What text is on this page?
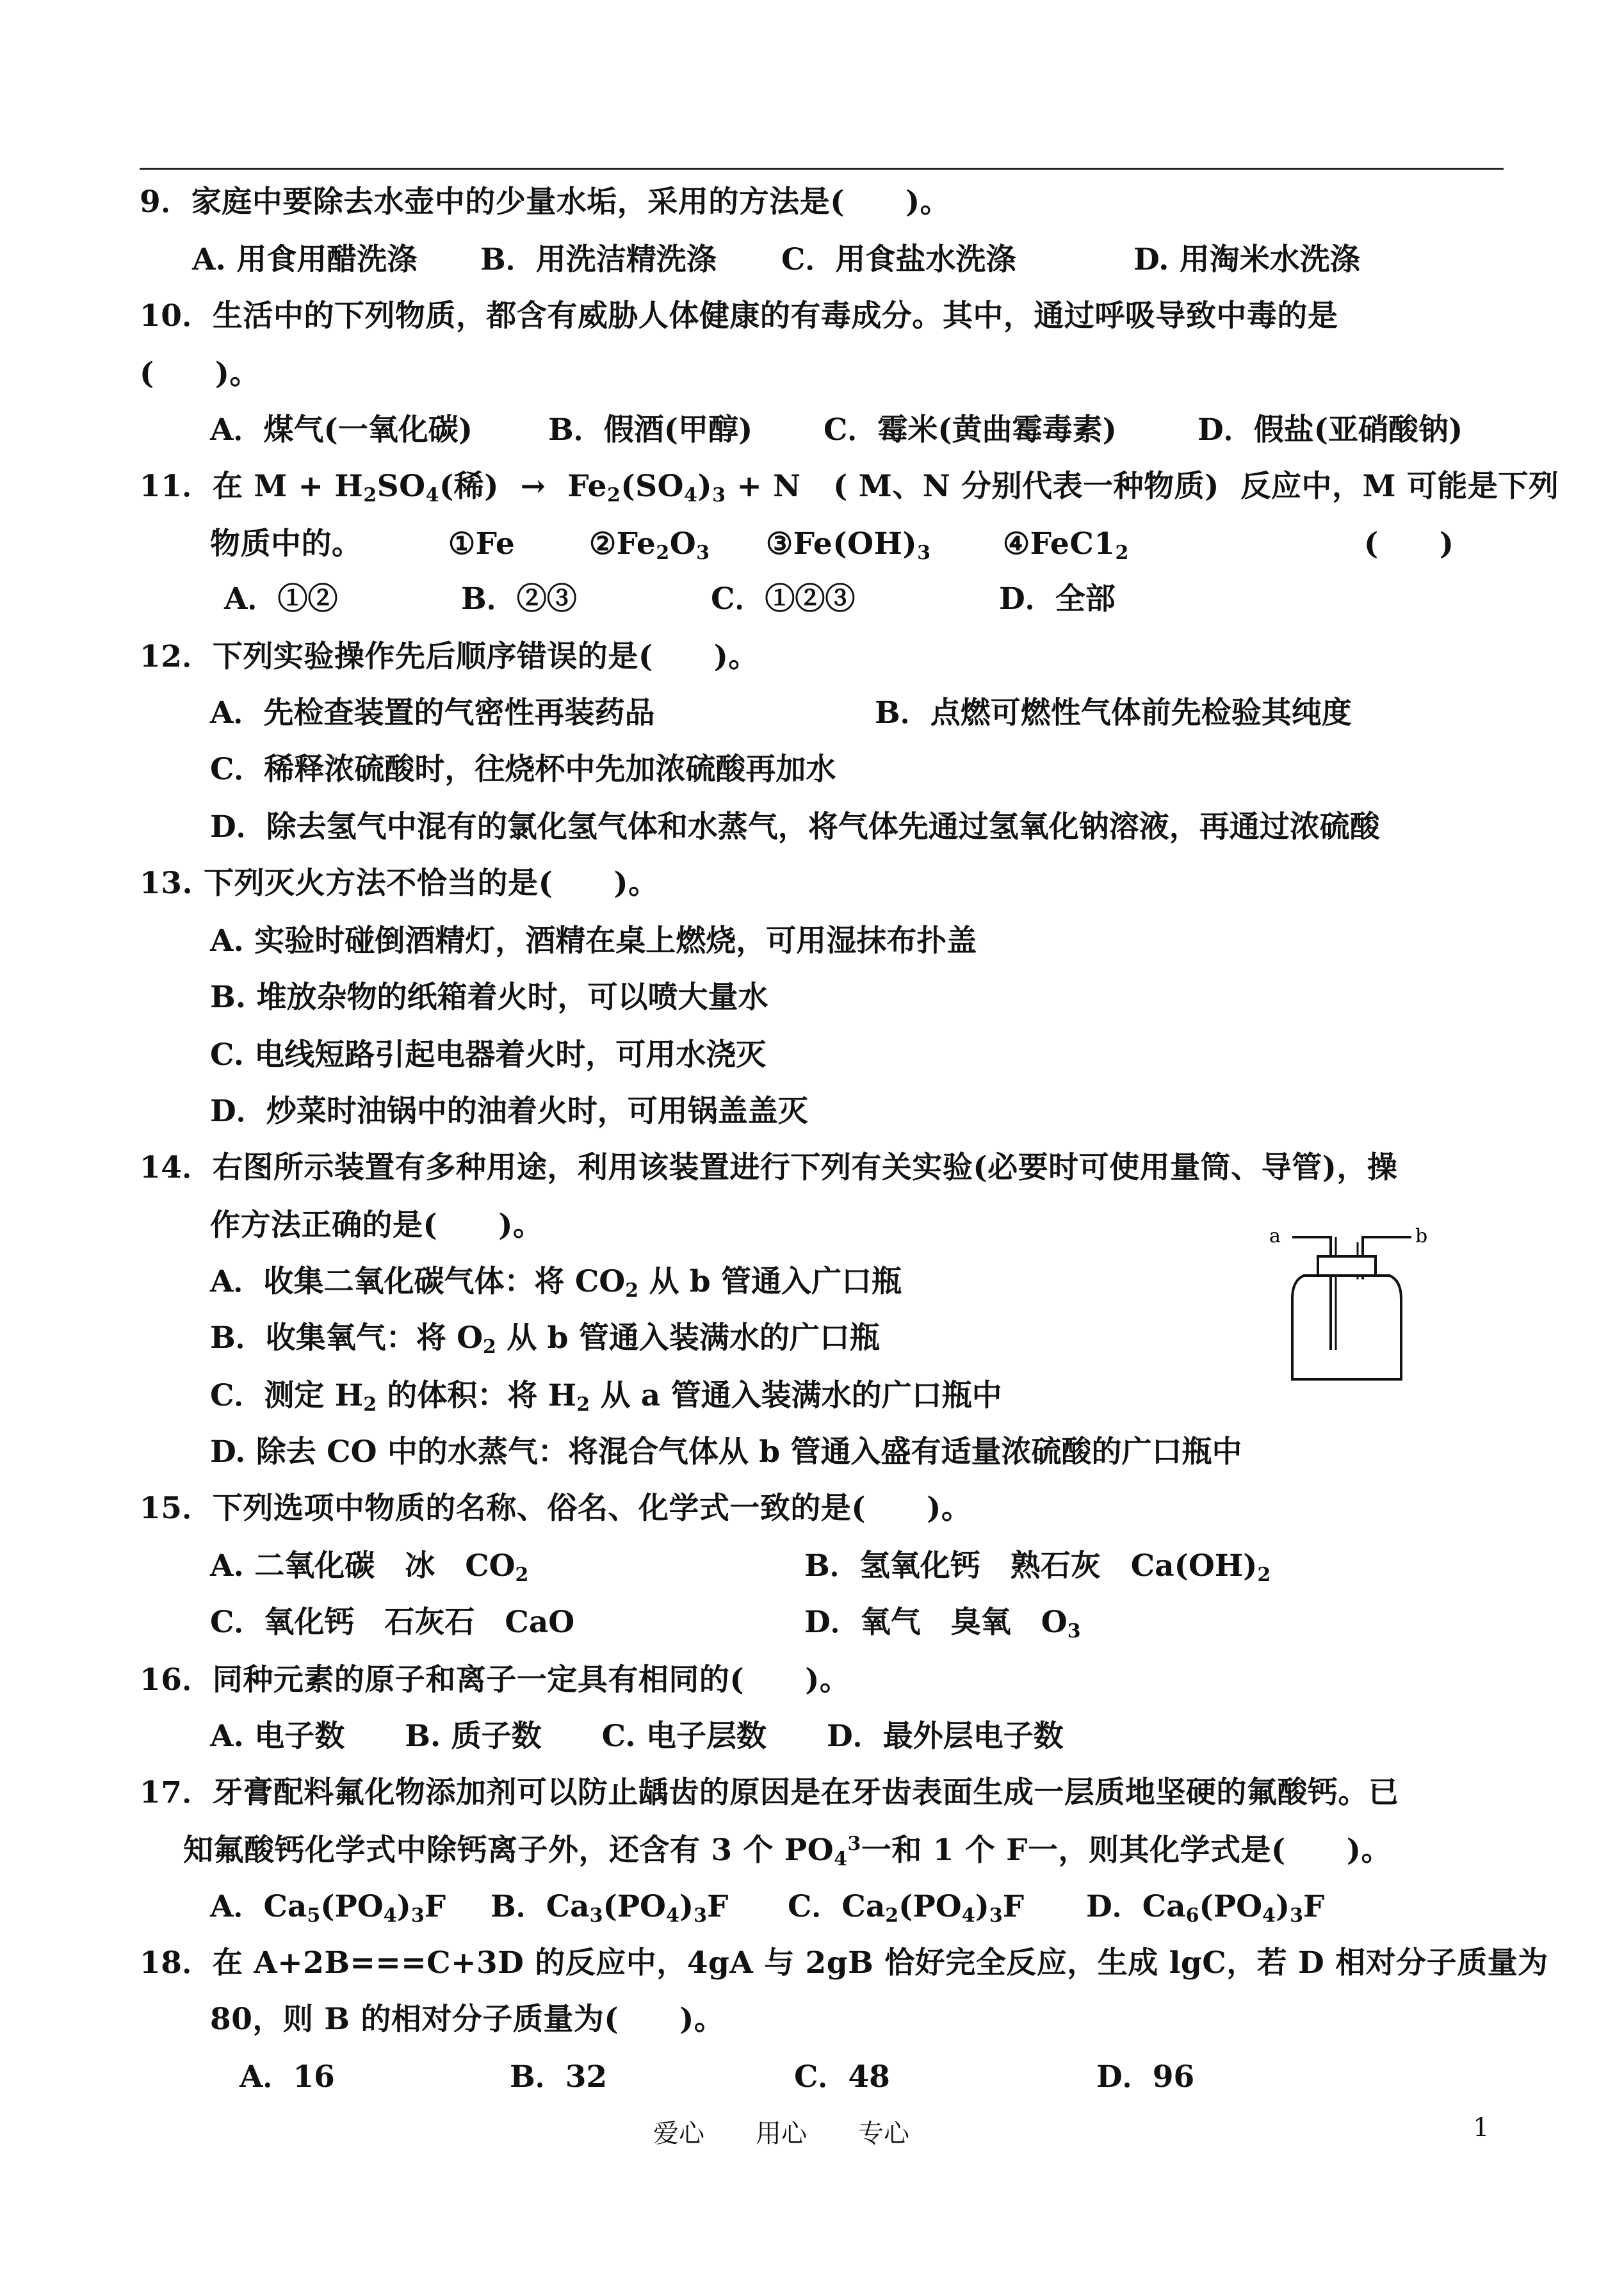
9．家庭中要除去水壶中的少量水垢，采用的方法是(　　)。
A. 用食用醋洗涤 B．用洗洁精洗涤 C．用食盐水洗涤	D. 用淘米水洗涤
10．生活中的下列物质，都含有威胁人体健康的有毒成分。其中，通过呼吸导致中毒的是
(　　)。
A．煤气(一氧化碳)	B．假酒(甲醇) C．霉米(黄曲霉毒素)	D．假盐(亚硝酸钠)
11．在 $M + H_2SO_4$(稀)  →  $Fe_2(SO_4)_3 + N$   ( M、N 分别代表一种物质)  反应中，M 可能是下列
物质中的。	①Fe $②Fe_2O_3$ $③Fe(OH)_3$ $④FeC1_2$	(　　)
A．①②	B．②③	C．①②③	D．全部
12．下列实验操作先后顺序错误的是(　　)。
A．先检查装置的气密性再装药品	B．点燃可燃性气体前先检验其纯度
C．稀释浓硫酸时，往烧杯中先加浓硫酸再加水
D．除去氢气中混有的氯化氢气体和水蒸气，将气体先通过氢氧化钠溶液，再通过浓硫酸
13. 下列灭火方法不恰当的是(　　)。
A. 实验时碰倒酒精灯，酒精在桌上燃烧，可用湿抹布扑盖
B. 堆放杂物的纸箱着火时，可以喷大量水
C. 电线短路引起电器着火时，可用水浇灭
D．炒菜时油锅中的油着火时，可用锅盖盖灭
14．右图所示装置有多种用途，利用该装置进行下列有关实验(必要时可使用量筒、导管)，操
作方法正确的是(　　)。
A．收集二氧化碳气体：将 $CO_2$ 从 b 管通入广口瓶
B．收集氧气：将 $O_2$ 从 b 管通入装满水的广口瓶
C．测定 $H_2$ 的体积：将 $H_2$ 从 a 管通入装满水的广口瓶中
D. 除去 CO 中的水蒸气：将混合气体从 b 管通入盛有适量浓硫酸的广口瓶中
a	b
15．下列选项中物质的名称、俗名、化学式一致的是(　　)。
A. 二氧化碳　冰　$CO_2$	B．氢氧化钙　熟石灰　$Ca(OH)_2$
C．氧化钙　石灰石　CaO	D．氧气　臭氧　$O_3$
16．同种元素的原子和离子一定具有相同的(　　)。
A. 电子数　　B. 质子数　　C. 电子层数　　D．最外层电子数
17．牙膏配料氟化物添加剂可以防止龋齿的原因是在牙齿表面生成一层质地坚硬的氟酸钙。已
知氟酸钙化学式中除钙离子外，还含有 3 个 $PO_4^3$一和 1 个 F一，则其化学式是(　　)。
A．$Ca_5(PO_4)_3F$ B．$Ca_3(PO_4)_3F$ C．$Ca_2(PO_4)_3F$ D．$Ca_6(PO_4)_3F$
18．在 A+2B===C+3D 的反应中，4gA 与 2gB 恰好完全反应，生成 lgC，若 D 相对分子质量为
80，则 B 的相对分子质量为(　　)。
A．16	B．32	C．48	D．96
爱心　　用心　　专心	1
